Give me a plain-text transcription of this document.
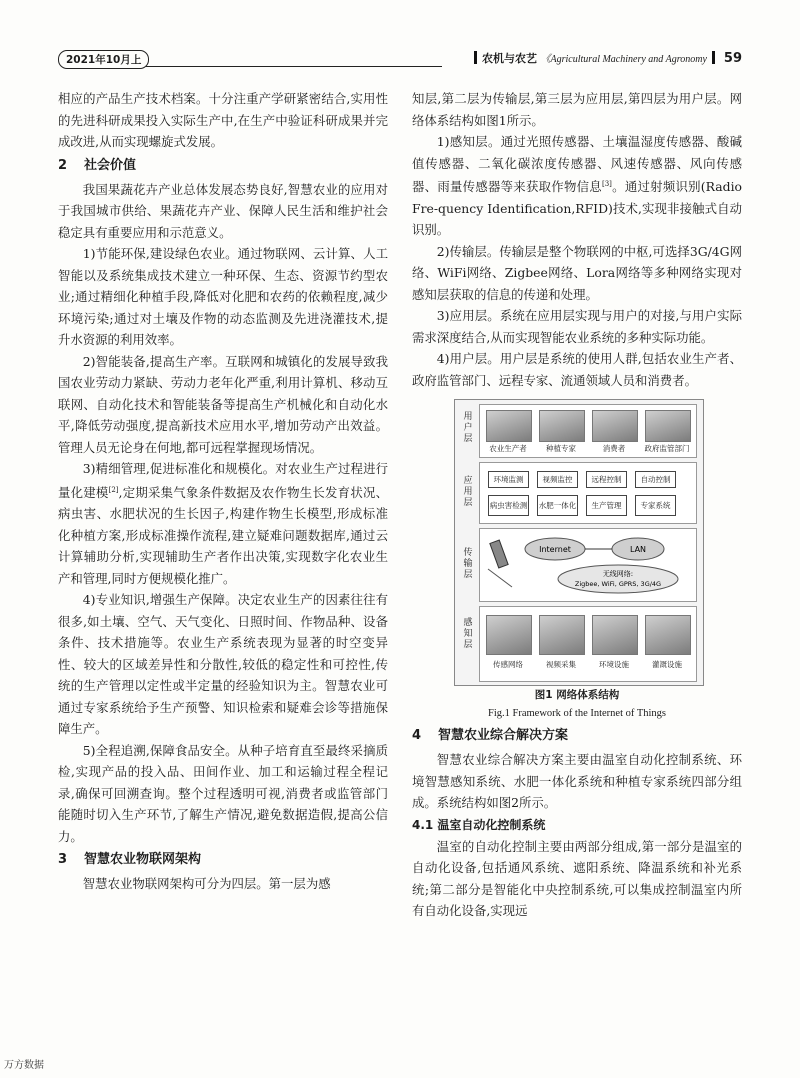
2021年10月上	农机与农艺 《Agricultural Machinery and Agronomy 59

相应的产品生产技术档案。十分注重产学研紧密结合,实用性的先进科研成果投入实际生产中,在生产中验证科研成果并完成改进,从而实现螺旋式发展。

2 社会价值

我国果蔬花卉产业总体发展态势良好,智慧农业的应用对于我国城市供给、果蔬花卉产业、保障人民生活和维护社会稳定具有重要应用和示范意义。

1)节能环保,建设绿色农业。通过物联网、云计算、人工智能以及系统集成技术建立一种环保、生态、资源节约型农业;通过精细化种植手段,降低对化肥和农药的依赖程度,减少环境污染;通过对土壤及作物的动态监测及先进浇灌技术,提升水资源的利用效率。

2)智能装备,提高生产率。互联网和城镇化的发展导致我国农业劳动力紧缺、劳动力老年化严重,利用计算机、移动互联网、自动化技术和智能装备等提高生产机械化和自动化水平,降低劳动强度,提高新技术应用水平,增加劳动产出效益。管理人员无论身在何地,都可远程掌握现场情况。

3)精细管理,促进标准化和规模化。对农业生产过程进行量化建模[2],定期采集气象条件数据及农作物生长发育状况、病虫害、水肥状况的生长因子,构建作物生长模型,形成标准化种植方案,形成标准操作流程,建立疑难问题数据库,通过云计算辅助分析,实现辅助生产者作出决策,实现数字化农业生产和管理,同时方便规模化推广。

4)专业知识,增强生产保障。决定农业生产的因素往往有很多,如土壤、空气、天气变化、日照时间、作物品种、设备条件、技术措施等。农业生产系统表现为显著的时空变异性、较大的区域差异性和分散性,较低的稳定性和可控性,传统的生产管理以定性或半定量的经验知识为主。智慧农业可通过专家系统给予生产预警、知识检索和疑难会诊等措施保障生产。

5)全程追溯,保障食品安全。从种子培育直至最终采摘质检,实现产品的投入品、田间作业、加工和运输过程全程记录,确保可回溯查询。整个过程透明可视,消费者或监管部门能随时切入生产环节,了解生产情况,避免数据造假,提高公信力。

3 智慧农业物联网架构

智慧农业物联网架构可分为四层。第一层为感

知层,第二层为传输层,第三层为应用层,第四层为用户层。网络体系结构如图1所示。

1)感知层。通过光照传感器、土壤温湿度传感器、酸碱值传感器、二氧化碳浓度传感器、风速传感器、风向传感器、雨量传感器等来获取作物信息[3]。通过射频识别(Radio Fre-quency Identification,RFID)技术,实现非接触式自动识别。

2)传输层。传输层是整个物联网的中枢,可选择3G/4G网络、WiFi网络、Zigbee网络、Lora网络等多种网络实现对感知层获取的信息的传递和处理。

3)应用层。系统在应用层实现与用户的对接,与用户实际需求深度结合,从而实现智能农业系统的多种实际功能。

4)用户层。用户层是系统的使用人群,包括农业生产者、政府监管部门、远程专家、流通领域人员和消费者。

用户层
农业生产者	种植专家	消费者	政府监管部门
应用层
环境监测	视频监控	远程控制	自动控制
病虫害检测 水肥一体化	生产管理	专家系统
传输层
Internet	LAN
无线网络:
Zigbee, WiFi, GPRS, 3G/4G
感知层
传感网络	视频采集	环境设施	灌溉设施
图1 网络体系结构
Fig.1 Framework of the Internet of Things
4 智慧农业综合解决方案

智慧农业综合解决方案主要由温室自动化控制系统、环境智慧感知系统、水肥一体化系统和种植专家系统四部分组成。系统结构如图2所示。

4.1 温室自动化控制系统

温室的自动化控制主要由两部分组成,第一部分是温室的自动化设备,包括通风系统、遮阳系统、降温系统和补光系统;第二部分是智能化中央控制系统,可以集成控制温室内所有自动化设备,实现远

万方数据
